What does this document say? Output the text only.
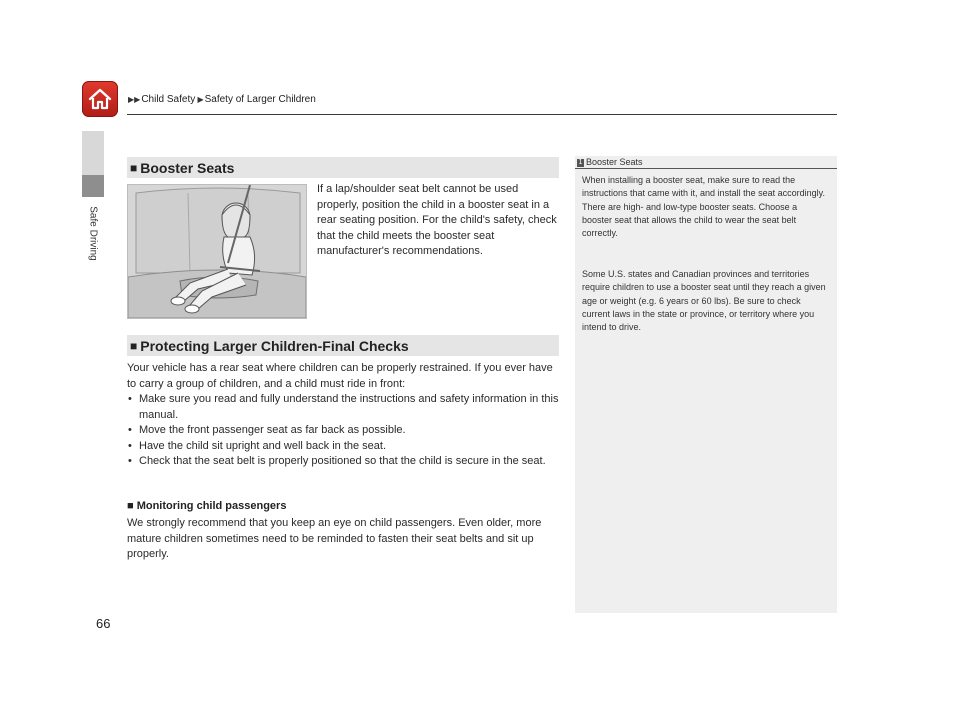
▶▶Child Safety ▶Safety of Larger Children
Safe Driving
■ Booster Seats
If a lap/shoulder seat belt cannot be used properly, position the child in a booster seat in a rear seating position. For the child's safety, check that the child meets the booster seat manufacturer's recommendations.
■ Protecting Larger Children-Final Checks
Your vehicle has a rear seat where children can be properly restrained. If you ever have to carry a group of children, and a child must ride in front:
• Make sure you read and fully understand the instructions and safety information in this manual.
• Move the front passenger seat as far back as possible.
• Have the child sit upright and well back in the seat.
• Check that the seat belt is properly positioned so that the child is secure in the seat.
■ Monitoring child passengers
We strongly recommend that you keep an eye on child passengers. Even older, more mature children sometimes need to be reminded to fasten their seat belts and sit up properly.
1 Booster Seats
When installing a booster seat, make sure to read the instructions that came with it, and install the seat accordingly.
There are high- and low-type booster seats. Choose a booster seat that allows the child to wear the seat belt correctly.
Some U.S. states and Canadian provinces and territories require children to use a booster seat until they reach a given age or weight (e.g. 6 years or 60 lbs). Be sure to check current laws in the state or province, or territory where you intend to drive.
66
